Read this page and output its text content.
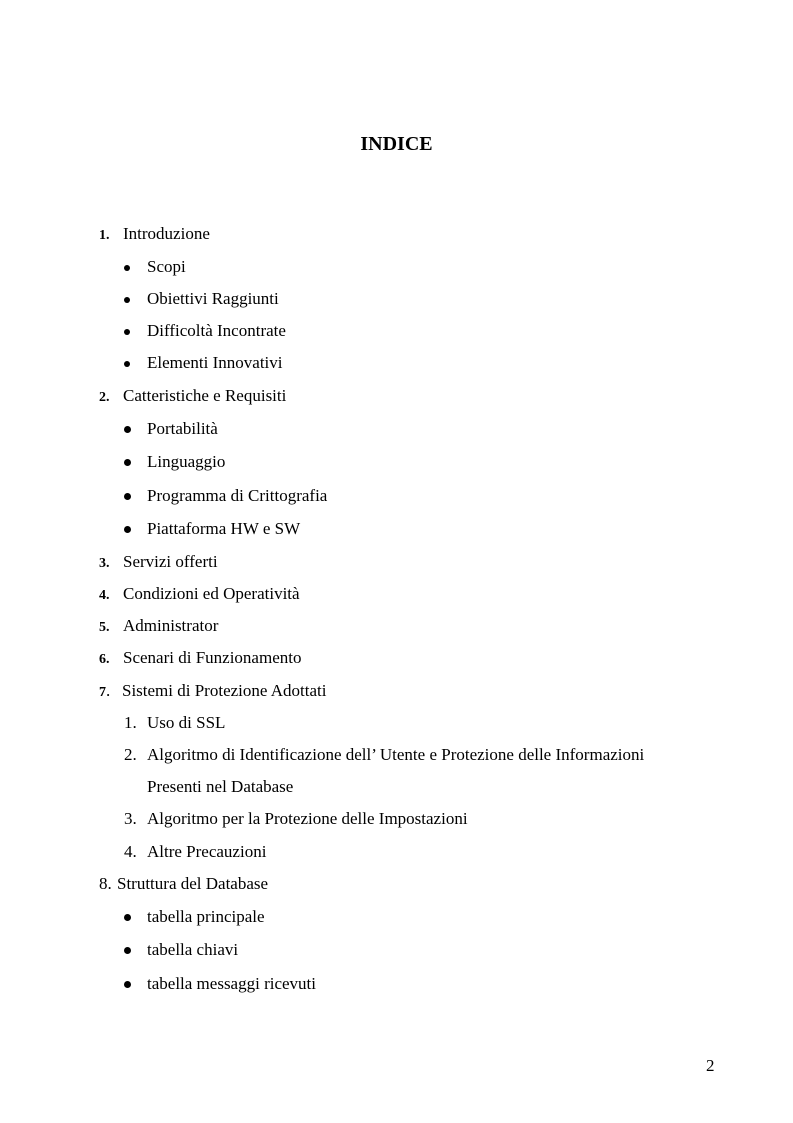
INDICE
1. Introduzione
Scopi
Obiettivi Raggiunti
Difficoltà Incontrate
Elementi Innovativi
2. Catteristiche e Requisiti
Portabilità
Linguaggio
Programma di Crittografia
Piattaforma HW e SW
3. Servizi offerti
4. Condizioni ed Operatività
5. Administrator
6. Scenari di Funzionamento
7. Sistemi di Protezione Adottati
1. Uso di SSL
2. Algoritmo di Identificazione dell’ Utente e Protezione delle Informazioni
Presenti nel Database
3. Algoritmo per la Protezione delle Impostazioni
4. Altre Precauzioni
8. Struttura del Database
tabella principale
tabella chiavi
tabella messaggi ricevuti
2
